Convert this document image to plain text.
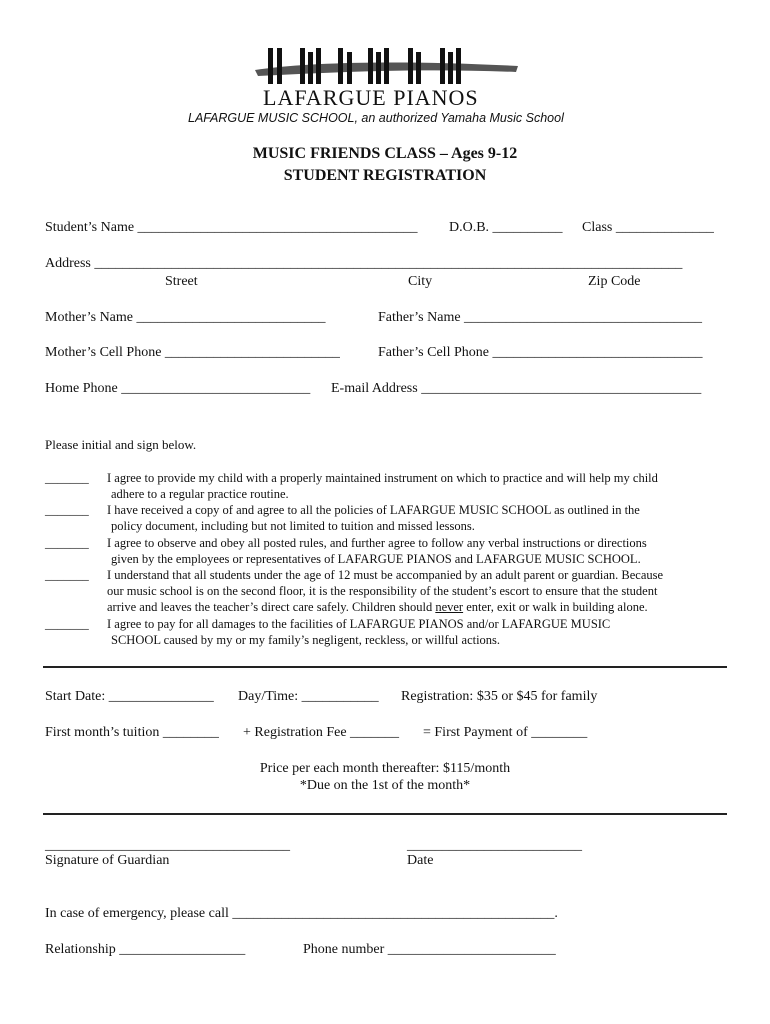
LAFARGUE PIANOS
LAFARGUE MUSIC SCHOOL, an authorized Yamaha Music School
MUSIC FRIENDS CLASS – Ages 9-12
STUDENT REGISTRATION
Student’s Name ________________________________________ D.O.B. __________ Class ______________
Address ____________________________________________________________________________________
Street	City	Zip Code
Mother’s Name ___________________________	Father’s Name __________________________________
Mother’s Cell Phone _________________________	Father’s Cell Phone ______________________________
Home Phone ___________________________ E-mail Address ________________________________________
Please initial and sign below.
_______ I agree to provide my child with a properly maintained instrument on which to practice and will help my child
adhere to a regular practice routine.
_______ I have received a copy of and agree to all the policies of LAFARGUE MUSIC SCHOOL as outlined in the
policy document, including but not limited to tuition and missed lessons.
_______ I agree to observe and obey all posted rules, and further agree to follow any verbal instructions or directions
given by the employees or representatives of LAFARGUE PIANOS and LAFARGUE MUSIC SCHOOL.
_______ I understand that all students under the age of 12 must be accompanied by an adult parent or guardian. Because
our music school is on the second floor, it is the responsibility of the student’s escort to ensure that the student
arrive and leaves the teacher’s direct care safely. Children should never enter, exit or walk in building alone.
_______ I agree to pay for all damages to the facilities of LAFARGUE PIANOS and/or LAFARGUE MUSIC
SCHOOL caused by my or my family’s negligent, reckless, or willful actions.
Start Date: _______________ Day/Time: ___________ Registration: $35 or $45 for family
First month’s tuition ________ + Registration Fee _______ = First Payment of ________
Price per each month thereafter: $115/month
*Due on the 1st of the month*
___________________________________	_________________________
Signature of Guardian	Date
In case of emergency, please call ______________________________________________.
Relationship __________________	Phone number ________________________
